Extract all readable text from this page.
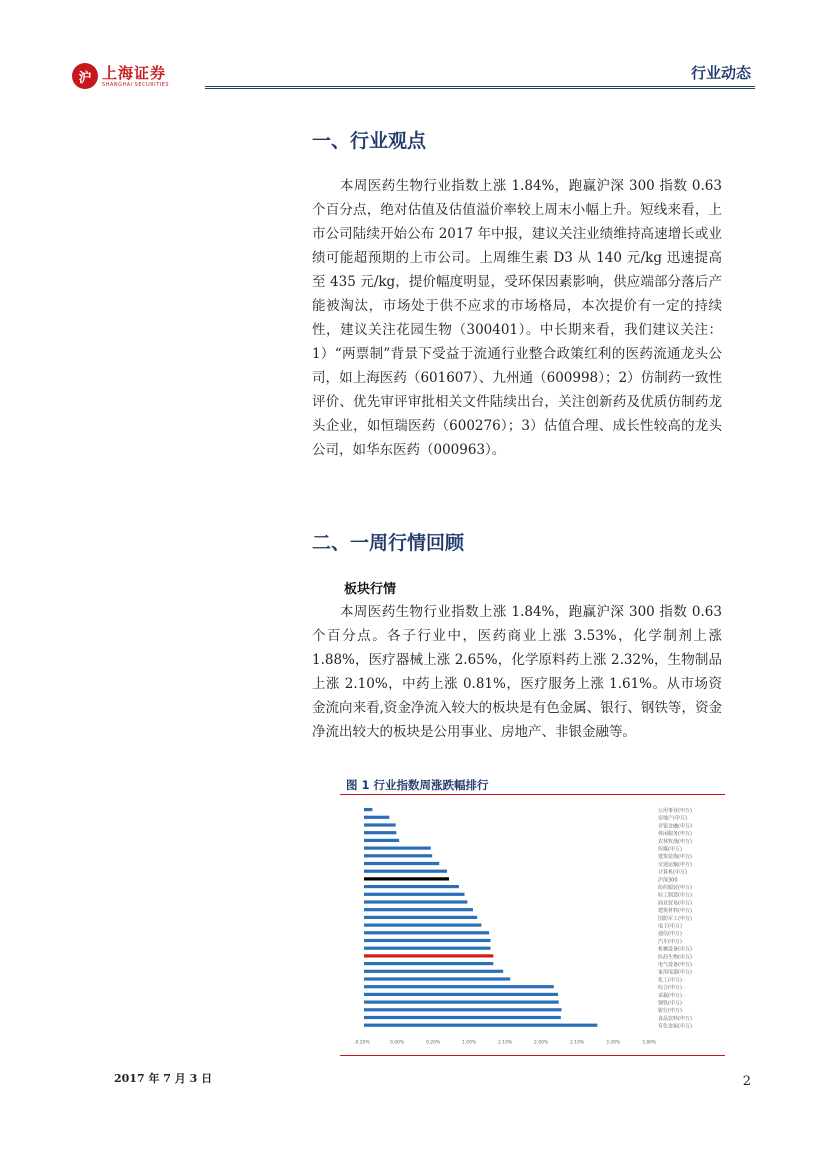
沪 上海证券
SHANGHAI SECURITIES
行业动态
一、行业观点

本周医药生物行业指数上涨 1.84%，跑赢沪深 300 指数 0.63 个百分点，绝对估值及估值溢价率较上周末小幅上升。短线来看，上市公司陆续开始公布 2017 年中报，建议关注业绩维持高速增长或业绩可能超预期的上市公司。上周维生素 D3 从 140 元/kg 迅速提高至 435 元/kg，提价幅度明显，受环保因素影响，供应端部分落后产能被淘汰，市场处于供不应求的市场格局，本次提价有一定的持续性，建议关注花园生物（300401）。中长期来看，我们建议关注：1）“两票制”背景下受益于流通行业整合政策红利的医药流通龙头公司，如上海医药（601607）、九州通（600998）；2）仿制药一致性评价、优先审评审批相关文件陆续出台，关注创新药及优质仿制药龙头企业，如恒瑞医药（600276）；3）估值合理、成长性较高的龙头公司，如华东医药（000963）。

二、一周行情回顾
板块行情

本周医药生物行业指数上涨 1.84%，跑赢沪深 300 指数 0.63 个百分点。各子行业中，医药商业上涨 3.53%，化学制剂上涨 1.88%，医疗器械上涨 2.65%，化学原料药上涨 2.32%，生物制品上涨 2.10%，中药上涨 0.81%，医疗服务上涨 1.61%。从市场资金流向来看,资金净流入较大的板块是有色金属、银行、钢铁等，资金净流出较大的板块是公用事业、房地产、非银金融等。

图 1 行业指数周涨跌幅排行
公用事业(申万)
房地产(申万)
非银金融(申万)
休闲服务(申万)
农林牧渔(申万)
传媒(申万)
建筑装饰(申万)
交通运输(申万)
计算机(申万)
沪深300
纺织服装(申万)
轻工制造(申万)
商业贸易(申万)
建筑材料(申万)
国防军工(申万)
电子(申万)
通信(申万)
汽车(申万)
机械设备(申万)
医药生物(申万)
电气设备(申万)
家用电器(申万)
化工(申万)
综合(申万)
采掘(申万)
钢铁(申万)
银行(申万)
食品饮料(申万)
有色金属(申万)
-0.20%	0.00%	0.20%	1.00%	2.10%	2.00%	2.10%	3.20%	3.80%
2017 年 7 月 3 日	2
